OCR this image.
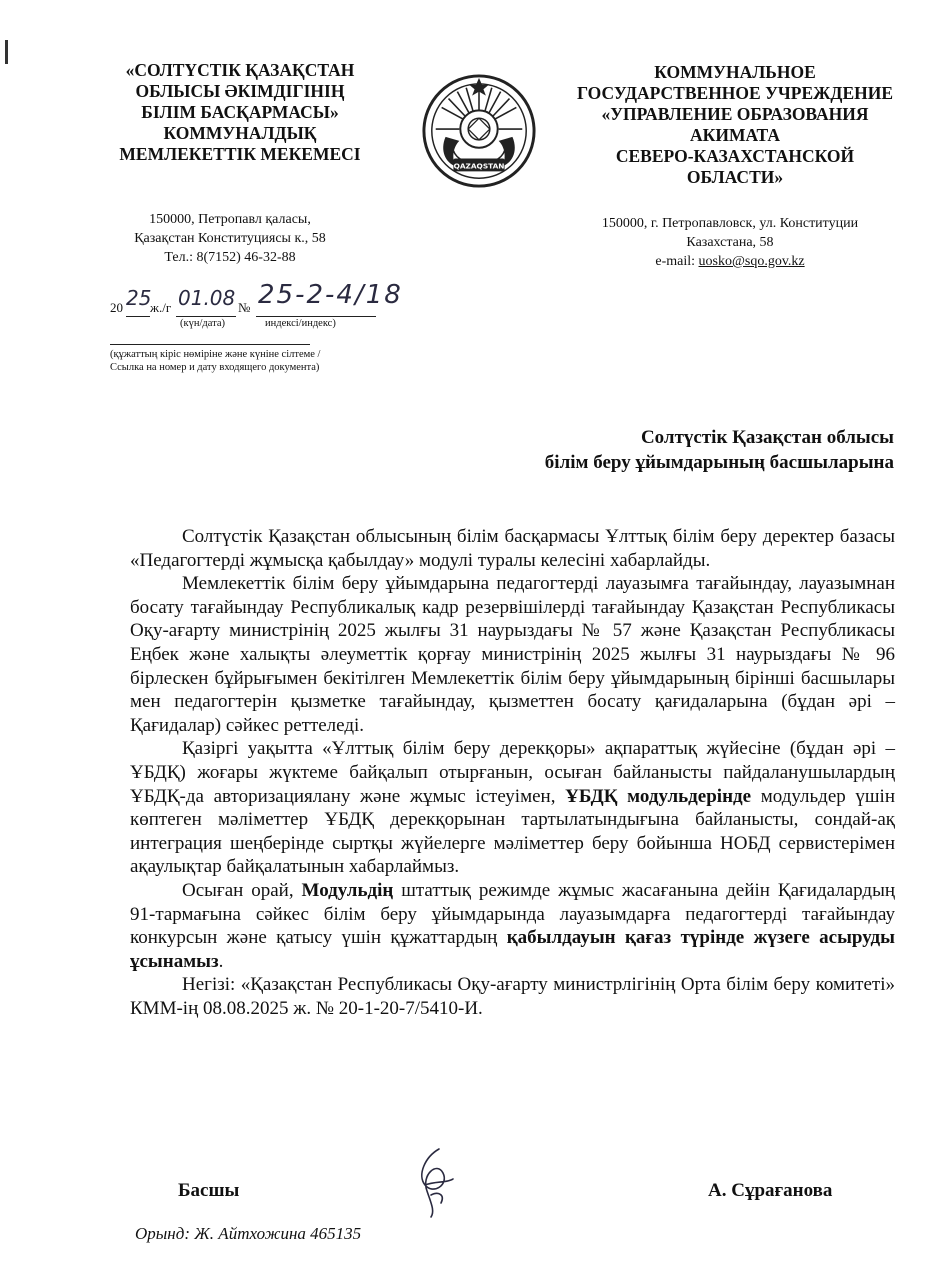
«СОЛТҮСТІК ҚАЗАҚСТАН
ОБЛЫСЫ ӘКІМДІГІНІҢ
БІЛІМ БАСҚАРМАСЫ»
КОММУНАЛДЫҚ
МЕМЛЕКЕТТІК МЕКЕМЕСІ
QAZAQSTAN
КОММУНАЛЬНОЕ
ГОСУДАРСТВЕННОЕ УЧРЕЖДЕНИЕ
«УПРАВЛЕНИЕ ОБРАЗОВАНИЯ
АКИМАТА
СЕВЕРО-КАЗАХСТАНСКОЙ
ОБЛАСТИ»
150000, Петропавл қаласы,
Қазақстан Конституциясы к., 58
Тел.: 8(7152) 46-32-88
150000, г. Петропавловск, ул. Конституции
Казахстана, 58
e-mail: uosko@sqo.gov.kz
20 25
ж./г 01.08 № 25-2-4/18
(күн/дата)	индексі/индекс)
(құжаттың кіріс нөміріне және күніне сілтеме /
Ссылка на номер и дату входящего документа)
Солтүстік Қазақстан облысы
білім беру ұйымдарының басшыларына

Солтүстік Қазақстан облысының білім басқармасы Ұлттық білім беру деректер базасы «Педагогтерді жұмысқа қабылдау» модулі туралы келесіні хабарлайды.

Мемлекеттік білім беру ұйымдарына педагогтерді лауазымға тағайындау, лауазымнан босату тағайындау Республикалық кадр резервішілерді тағайындау Қазақстан Республикасы Оқу-ағарту министрінің 2025 жылғы 31 наурыздағы № 57 және Қазақстан Республикасы Еңбек және халықты әлеуметтік қорғау министрінің 2025 жылғы 31 наурыздағы № 96 бірлескен бұйрығымен бекітілген Мемлекеттік білім беру ұйымдарының бірінші басшылары мен педагогтерін қызметке тағайындау, қызметтен босату қағидаларына (бұдан әрі – Қағидалар) сәйкес реттеледі.

Қазіргі уақытта «Ұлттық білім беру дерекқоры» ақпараттық жүйесіне (бұдан әрі – ҰБДҚ) жоғары жүктеме байқалып отырғанын, осыған байланысты пайдаланушылардың ҰБДҚ-да авторизациялану және жұмыс істеуімен, ҰБДҚ модульдерінде модульдер үшін көптеген мәліметтер ҰБДҚ дерекқорынан тартылатындығына байланысты, сондай-ақ интеграция шеңберінде сыртқы жүйелерге мәліметтер беру бойынша НОБД сервистерімен ақаулықтар байқалатынын хабарлаймыз.

Осыған орай, Модульдің штаттық режимде жұмыс жасағанына дейін Қағидалардың 91-тармағына сәйкес білім беру ұйымдарында лауазымдарға педагогтерді тағайындау конкурсын және қатысу үшін құжаттардың қабылдауын қағаз түрінде жүзеге асыруды ұсынамыз.

Негізі: «Қазақстан Республикасы Оқу-ағарту министрлігінің Орта білім беру комитеті» КММ-ің 08.08.2025 ж. № 20-1-20-7/5410-И.

Басшы	А. Сұрағанова
Орынд: Ж. Айтхожина 465135
